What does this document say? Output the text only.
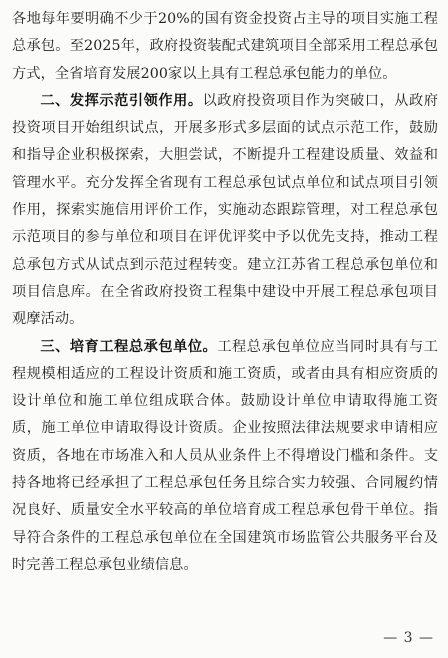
各地每年要明确不少于20%的国有资金投资占主导的项目实施工程总承包。至2025年，政府投资装配式建筑项目全部采用工程总承包方式，全省培育发展200家以上具有工程总承包能力的单位。

二、发挥示范引领作用。以政府投资项目作为突破口，从政府投资项目开始组织试点，开展多形式多层面的试点示范工作，鼓励和指导企业积极探索，大胆尝试，不断提升工程建设质量、效益和管理水平。充分发挥全省现有工程总承包试点单位和试点项目引领作用，探索实施信用评价工作，实施动态跟踪管理，对工程总承包示范项目的参与单位和项目在评优评奖中予以优先支持，推动工程总承包方式从试点到示范过程转变。建立江苏省工程总承包单位和项目信息库。在全省政府投资工程集中建设中开展工程总承包项目观摩活动。

三、培育工程总承包单位。工程总承包单位应当同时具有与工程规模相适应的工程设计资质和施工资质，或者由具有相应资质的设计单位和施工单位组成联合体。鼓励设计单位申请取得施工资质，施工单位申请取得设计资质。企业按照法律法规要求申请相应资质，各地在市场准入和人员从业条件上不得增设门槛和条件。支持各地将已经承担了工程总承包任务且综合实力较强、合同履约情况良好、质量安全水平较高的单位培育成工程总承包骨干单位。指导符合条件的工程总承包单位在全国建筑市场监管公共服务平台及时完善工程总承包业绩信息。

— 3 —
